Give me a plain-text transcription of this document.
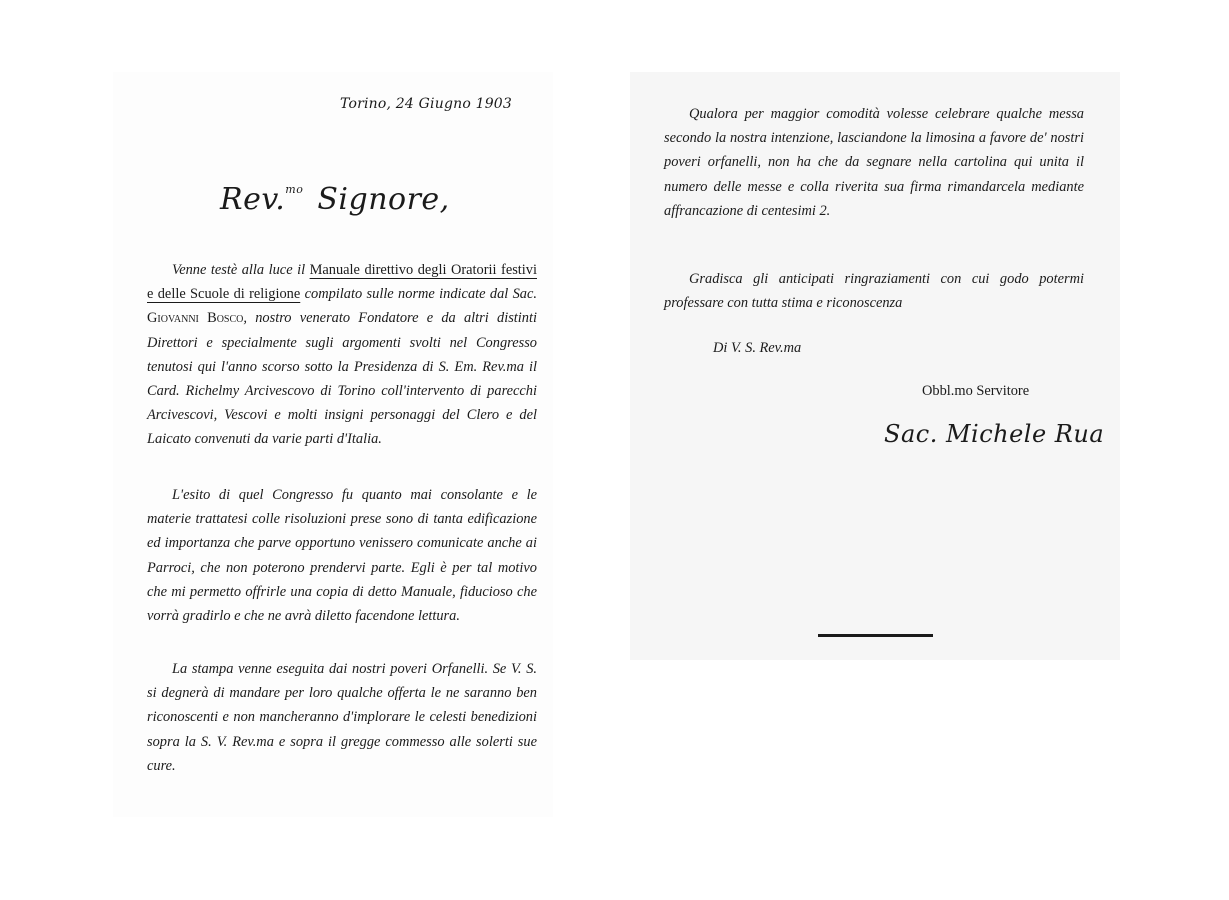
Torino, 24 Giugno 1903
Rev.$^{mo}$ Signore,

Venne testè alla luce il Manuale direttivo degli Oratorii festivi e delle Scuole di religione compilato sulle norme indicate dal Sac. Giovanni Bosco, nostro venerato Fondatore e da altri distinti Direttori e specialmente sugli argomenti svolti nel Congresso tenutosi qui l'anno scorso sotto la Presidenza di S. Em. Rev.ma il Card. Richelmy Arcivescovo di Torino coll'intervento di parecchi Arcivescovi, Vescovi e molti insigni personaggi del Clero e del Laicato convenuti da varie parti d'Italia.

L'esito di quel Congresso fu quanto mai consolante e le materie trattatesi colle risoluzioni prese sono di tanta edificazione ed importanza che parve opportuno venissero comunicate anche ai Parroci, che non poterono prendervi parte. Egli è per tal motivo che mi permetto offrirle una copia di detto Manuale, fiducioso che vorrà gradirlo e che ne avrà diletto facendone lettura.

La stampa venne eseguita dai nostri poveri Orfanelli. Se V. S. si degnerà di mandare per loro qualche offerta le ne saranno ben riconoscenti e non mancheranno d'implorare le celesti benedizioni sopra la S. V. Rev.ma e sopra il gregge commesso alle solerti sue cure.

Qualora per maggior comodità volesse celebrare qualche messa secondo la nostra intenzione, lasciandone la limosina a favore de' nostri poveri orfanelli, non ha che da segnare nella cartolina qui unita il numero delle messe e colla riverita sua firma rimandarcela mediante affrancazione di centesimi 2.

Gradisca gli anticipati ringraziamenti con cui godo potermi professare con tutta stima e riconoscenza

Di V. S. Rev.ma
Obbl.mo Servitore
Sac. Michele Rua
